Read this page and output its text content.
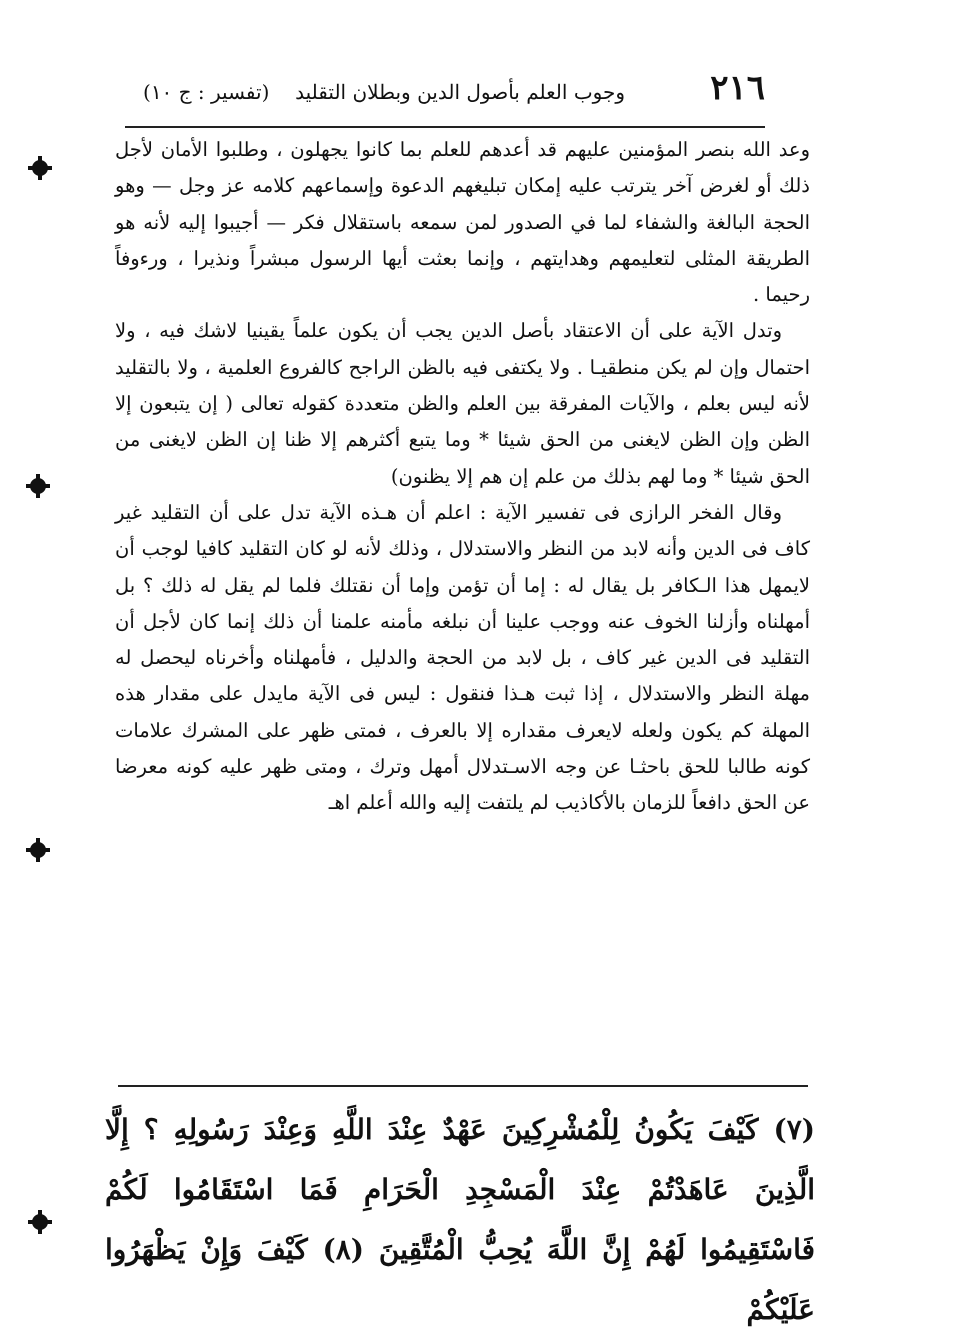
٢١٦
وجوب العلم بأصول الدين وبطلان التقليد
(تفسير : ج ١٠)

وعد الله بنصر المؤمنين عليهم قد أعدهم للعلم بما كانوا يجهلون ، وطلبوا الأمان لأجل ذلك أو لغرض آخر يترتب عليه إمكان تبليغهم الدعوة وإسماعهم كلامه عز وجل — وهو الحجة البالغة والشفاء لما في الصدور لمن سمعه باستقلال فكر — أجيبوا إليه لأنه هو الطريقة المثلى لتعليمهم وهدايتهم ، وإنما بعثت أيها الرسول مبشراً ونذيرا ، ورءوفاً رحيما .

وتدل الآية على أن الاعتقاد بأصل الدين يجب أن يكون علماً يقينيا لاشك فيه ، ولا احتمال وإن لم يكن منطقيـا . ولا يكتفى فيه بالظن الراجح كالفروع العلمية ، ولا بالتقليد لأنه ليس بعلم ، والآيات المفرقة بين العلم والظن متعددة كقوله تعالى ( إن يتبعون إلا الظن وإن الظن لايغنى من الحق شيئا * وما يتبع أكثرهم إلا ظنا إن الظن لايغنى من الحق شيئا * وما لهم بذلك من علم إن هم إلا يظنون)

وقال الفخر الرازى فى تفسير الآية : اعلم أن هـذه الآية تدل على أن التقليد غير كاف فى الدين وأنه لابد من النظر والاستدلال ، وذلك لأنه لو كان التقليد كافيا لوجب أن لايمهل هذا الـكافر بل يقال له : إما أن تؤمن وإما أن نقتلك فلما لم يقل له ذلك ؟ بل أمهلناه وأزلنا الخوف عنه ووجب علينا أن نبلغه مأمنه علمنا أن ذلك إنما كان لأجل أن التقليد فى الدين غير كاف ، بل لابد من الحجة والدليل ، فأمهلناه وأخرناه ليحصل له مهلة النظر والاستدلال ، إذا ثبت هـذا فنقول : ليس فى الآية مايدل على مقدار هذه المهلة كم يكون ولعله لايعرف مقداره إلا بالعرف ، فمتى ظهر على المشرك علامات كونه طالبا للحق باحثـا عن وجه الاسـتدلال أمهل وترك ، ومتى ظهر عليه كونه معرضا عن الحق دافعاً للزمان بالأكاذيب لم يلتفت إليه والله أعلم اهـ

(٧) كَيْفَ يَكُونُ لِلْمُشْرِكِينَ عَهْدٌ عِنْدَ اللَّهِ وَعِنْدَ رَسُولِهِ ؟ إِلَّا الَّذِينَ عَاهَدْتُمْ عِنْدَ الْمَسْجِدِ الْحَرَامِ فَمَا اسْتَقَامُوا لَكُمْ فَاسْتَقِيمُوا لَهُمْ إِنَّ اللَّهَ يُحِبُّ الْمُتَّقِينَ (٨) كَيْفَ وَإِنْ يَظْهَرُوا عَلَيْكُمْ
